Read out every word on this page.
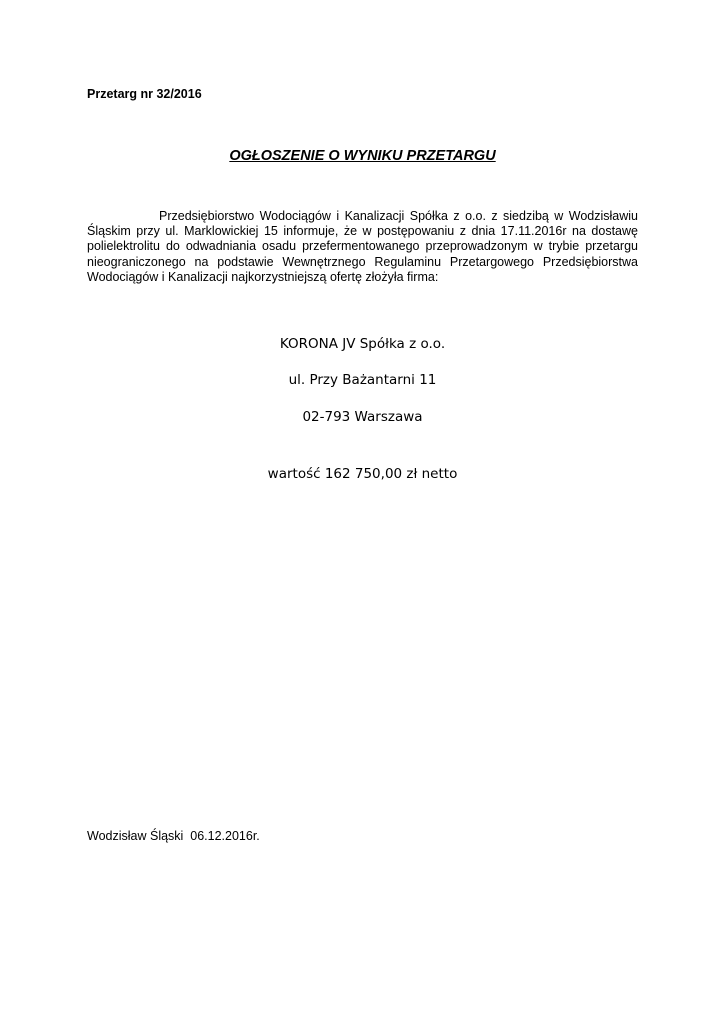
Przetarg nr 32/2016
OGŁOSZENIE O WYNIKU PRZETARGU

Przedsiębiorstwo Wodociągów i Kanalizacji Spółka z o.o. z siedzibą w Wodzisławiu Śląskim przy ul. Marklowickiej 15 informuje, że w postępowaniu z dnia 17.11.2016r na dostawę polielektrolitu do odwadniania osadu przefermentowanego przeprowadzonym w trybie przetargu nieograniczonego na podstawie Wewnętrznego Regulaminu Przetargowego Przedsiębiorstwa Wodociągów i Kanalizacji najkorzystniejszą ofertę złożyła firma:

KORONA JV Spółka z o.o.
ul. Przy Bażantarni 11
02-793 Warszawa
wartość 162 750,00 zł netto
Wodzisław Śląski  06.12.2016r.
